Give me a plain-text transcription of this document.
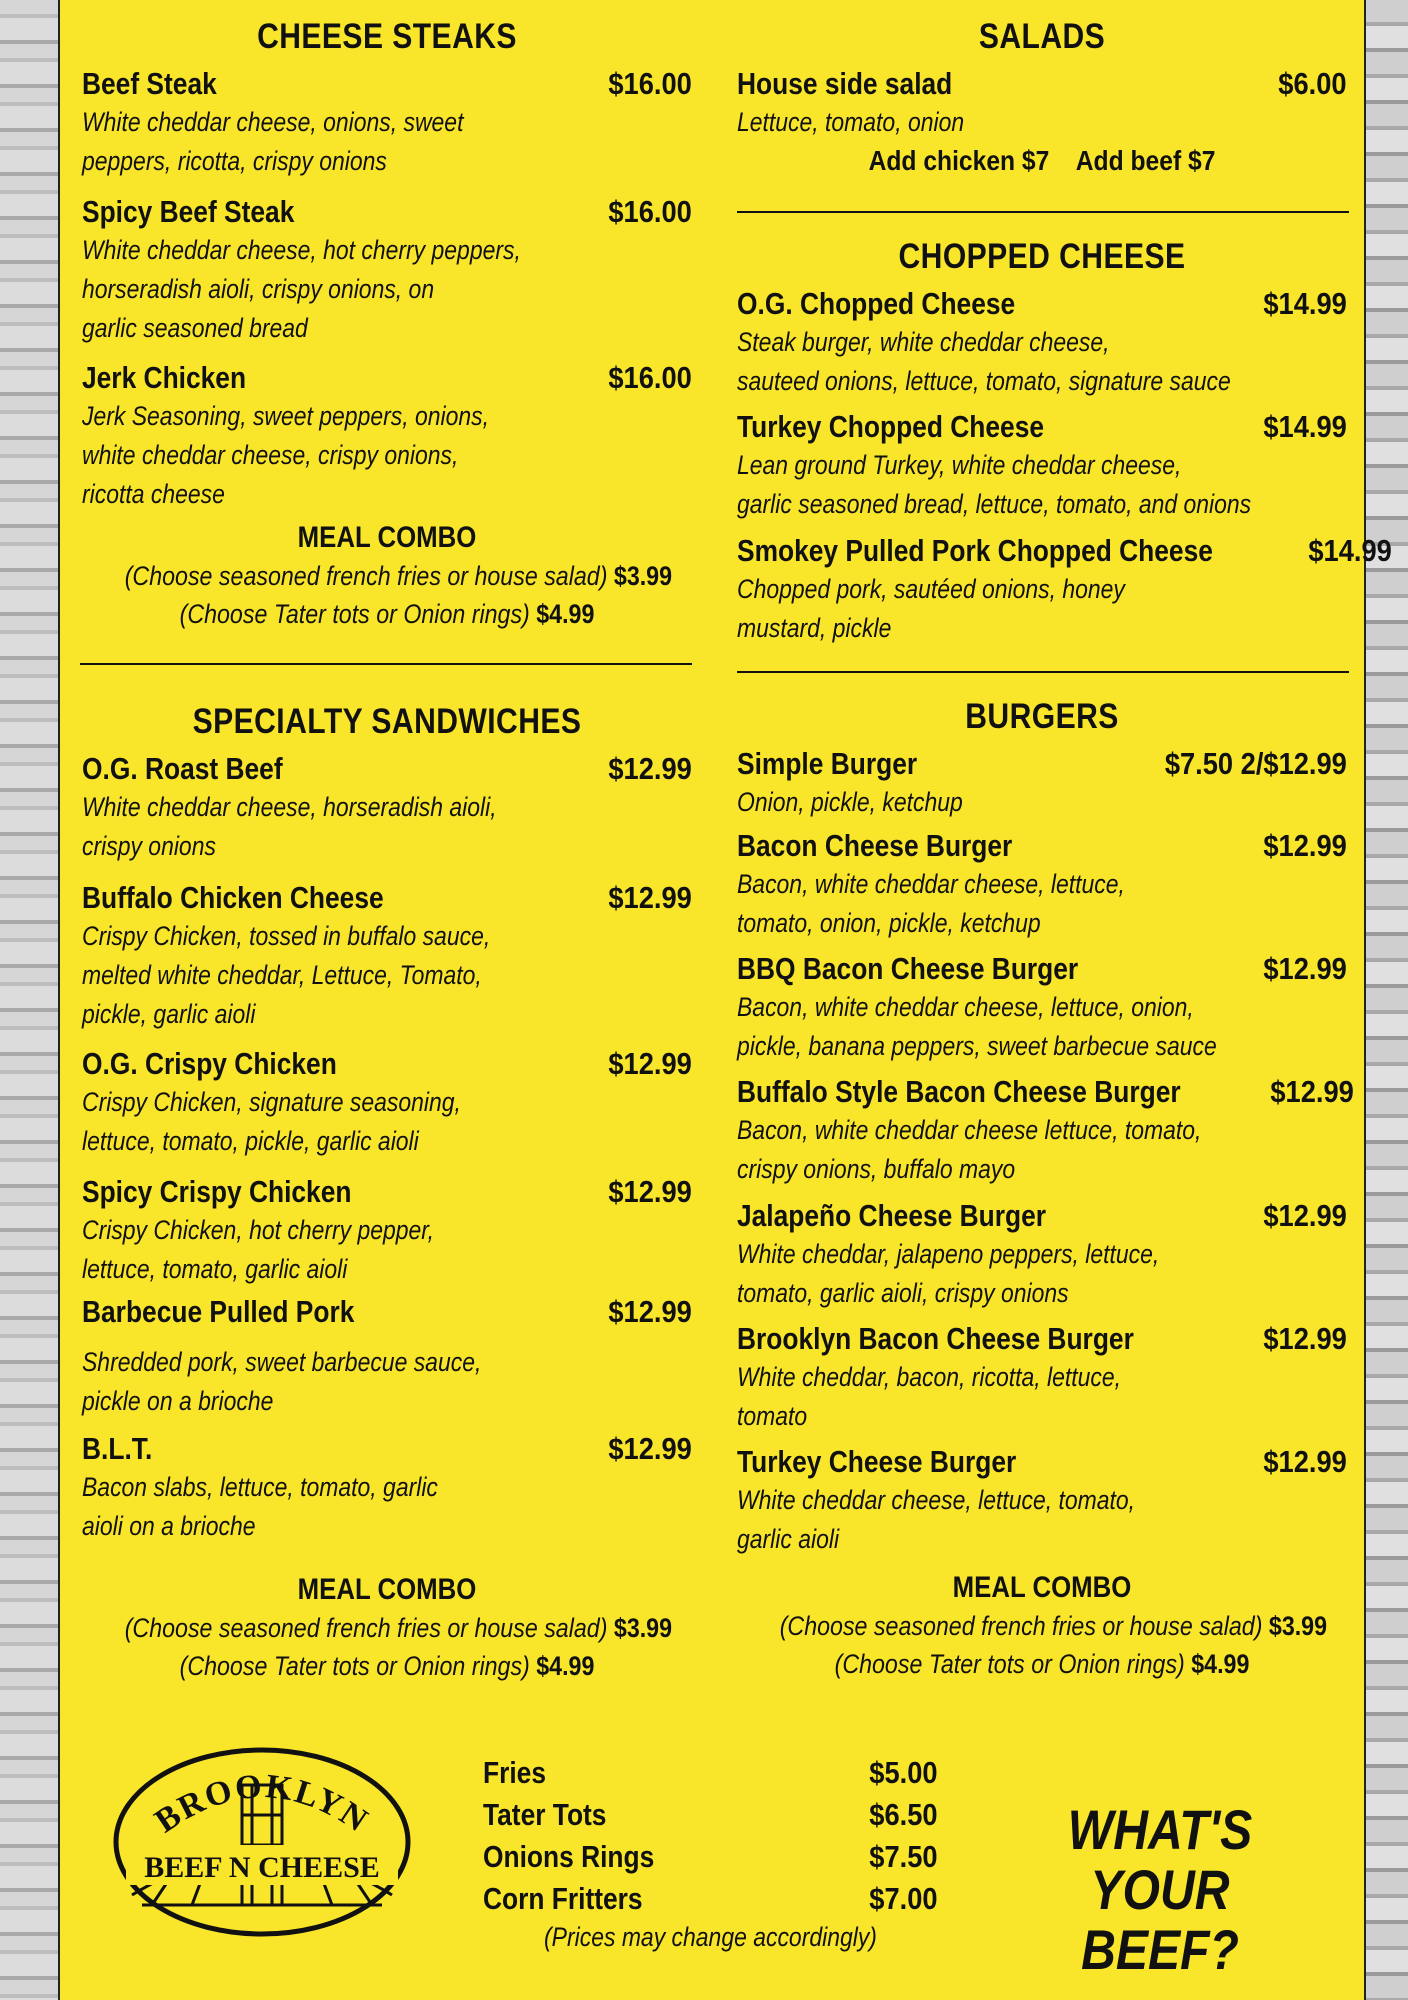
CHEESE STEAKS
Beef Steak	$16.00
White cheddar cheese, onions, sweet
peppers, ricotta, crispy onions
Spicy Beef Steak	$16.00
White cheddar cheese, hot cherry peppers,
horseradish aioli, crispy onions, on
garlic seasoned bread
Jerk Chicken	$16.00
Jerk Seasoning, sweet peppers, onions,
white cheddar cheese, crispy onions,
ricotta cheese
MEAL COMBO
(Choose seasoned french fries or house salad) $3.99
(Choose Tater tots or Onion rings) $4.99
SPECIALTY SANDWICHES
O.G. Roast Beef	$12.99
White cheddar cheese, horseradish aioli,
crispy onions
Buffalo Chicken Cheese	$12.99
Crispy Chicken, tossed in buffalo sauce,
melted white cheddar, Lettuce, Tomato,
pickle, garlic aioli
O.G. Crispy Chicken	$12.99
Crispy Chicken, signature seasoning,
lettuce, tomato, pickle, garlic aioli
Spicy Crispy Chicken	$12.99
Crispy Chicken, hot cherry pepper,
lettuce, tomato, garlic aioli
Barbecue Pulled Pork	$12.99
Shredded pork, sweet barbecue sauce,
pickle on a brioche
B.L.T.	$12.99
Bacon slabs, lettuce, tomato, garlic
aioli on a brioche
MEAL COMBO
(Choose seasoned french fries or house salad) $3.99
(Choose Tater tots or Onion rings) $4.99
SALADS
House side salad	$6.00
Lettuce, tomato, onion
Add chicken $7 Add beef $7
CHOPPED CHEESE
O.G. Chopped Cheese	$14.99
Steak burger, white cheddar cheese,
sauteed onions, lettuce, tomato, signature sauce
Turkey Chopped Cheese	$14.99
Lean ground Turkey, white cheddar cheese,
garlic seasoned bread, lettuce, tomato, and onions
Smokey Pulled Pork Chopped Cheese	$14.99
Chopped pork, sautéed onions, honey
mustard, pickle
BURGERS
Simple Burger	$7.50 2/$12.99
Onion, pickle, ketchup
Bacon Cheese Burger	$12.99
Bacon, white cheddar cheese, lettuce,
tomato, onion, pickle, ketchup
BBQ Bacon Cheese Burger	$12.99
Bacon, white cheddar cheese, lettuce, onion,
pickle, banana peppers, sweet barbecue sauce
Buffalo Style Bacon Cheese Burger	$12.99
Bacon, white cheddar cheese lettuce, tomato,
crispy onions, buffalo mayo
Jalapeño Cheese Burger	$12.99
White cheddar, jalapeno peppers, lettuce,
tomato, garlic aioli, crispy onions
Brooklyn Bacon Cheese Burger	$12.99
White cheddar, bacon, ricotta, lettuce,
tomato
Turkey Cheese Burger	$12.99
White cheddar cheese, lettuce, tomato,
garlic aioli
MEAL COMBO
(Choose seasoned french fries or house salad) $3.99
(Choose Tater tots or Onion rings) $4.99
BROOKLYN
BEEF N CHEESE
Fries	$5.00
Tater Tots	$6.50
Onions Rings	$7.50
Corn Fritters	$7.00
(Prices may change accordingly)
WHAT'S
YOUR BEEF?
